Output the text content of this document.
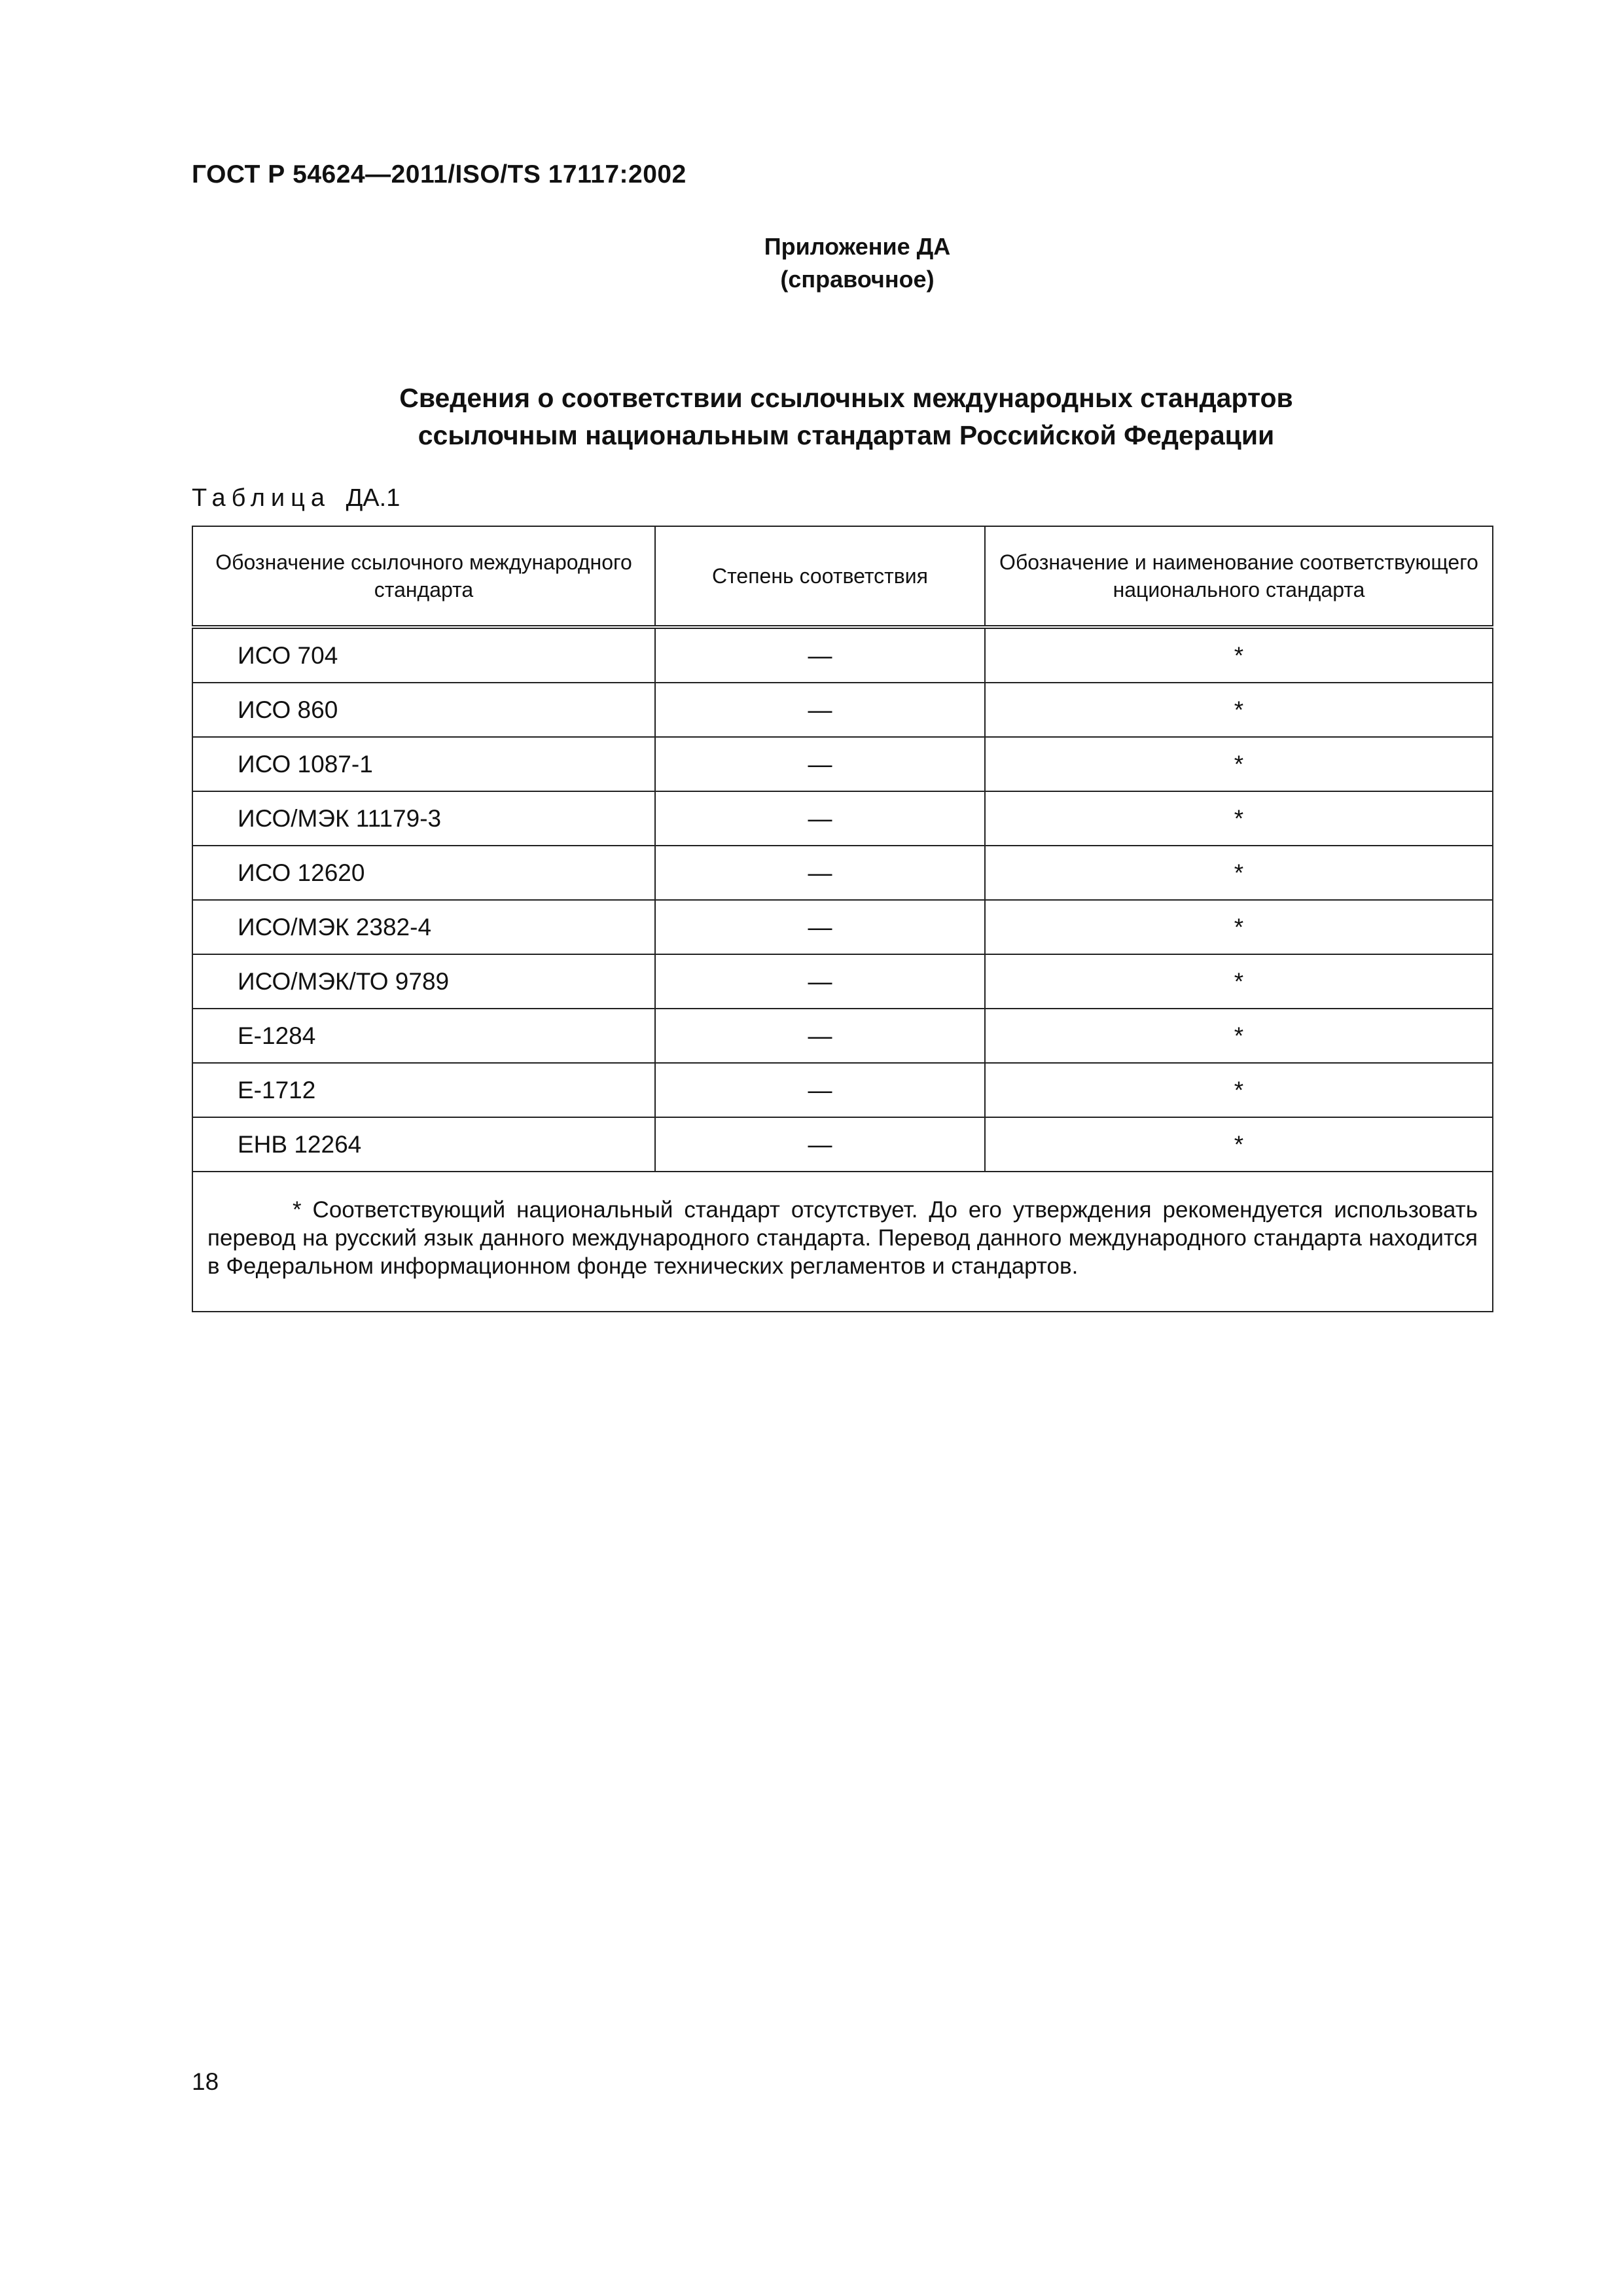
ГОСТ Р 54624—2011/ISO/TS 17117:2002
Приложение ДА
(справочное)
Сведения о соответствии ссылочных международных стандартов
ссылочным национальным стандартам Российской Федерации
Таблица ДА.1
Обозначение ссылочного международного стандарта	Степень соответствия	Обозначение и наименование соответствующего национального стандарта
ИСО 704	—	*
ИСО 860	—	*
ИСО 1087-1	—	*
ИСО/МЭК 11179-3	—	*
ИСО 12620	—	*
ИСО/МЭК 2382-4	—	*
ИСО/МЭК/ТО 9789	—	*
Е-1284	—	*
Е-1712	—	*
ЕНВ 12264	—	*

* Соответствующий национальный стандарт отсутствует. До его утверждения рекомендуется использовать перевод на русский язык данного международного стандарта. Перевод данного международного стандарта находится в Федеральном информационном фонде технических регламентов и стандартов.		
18
